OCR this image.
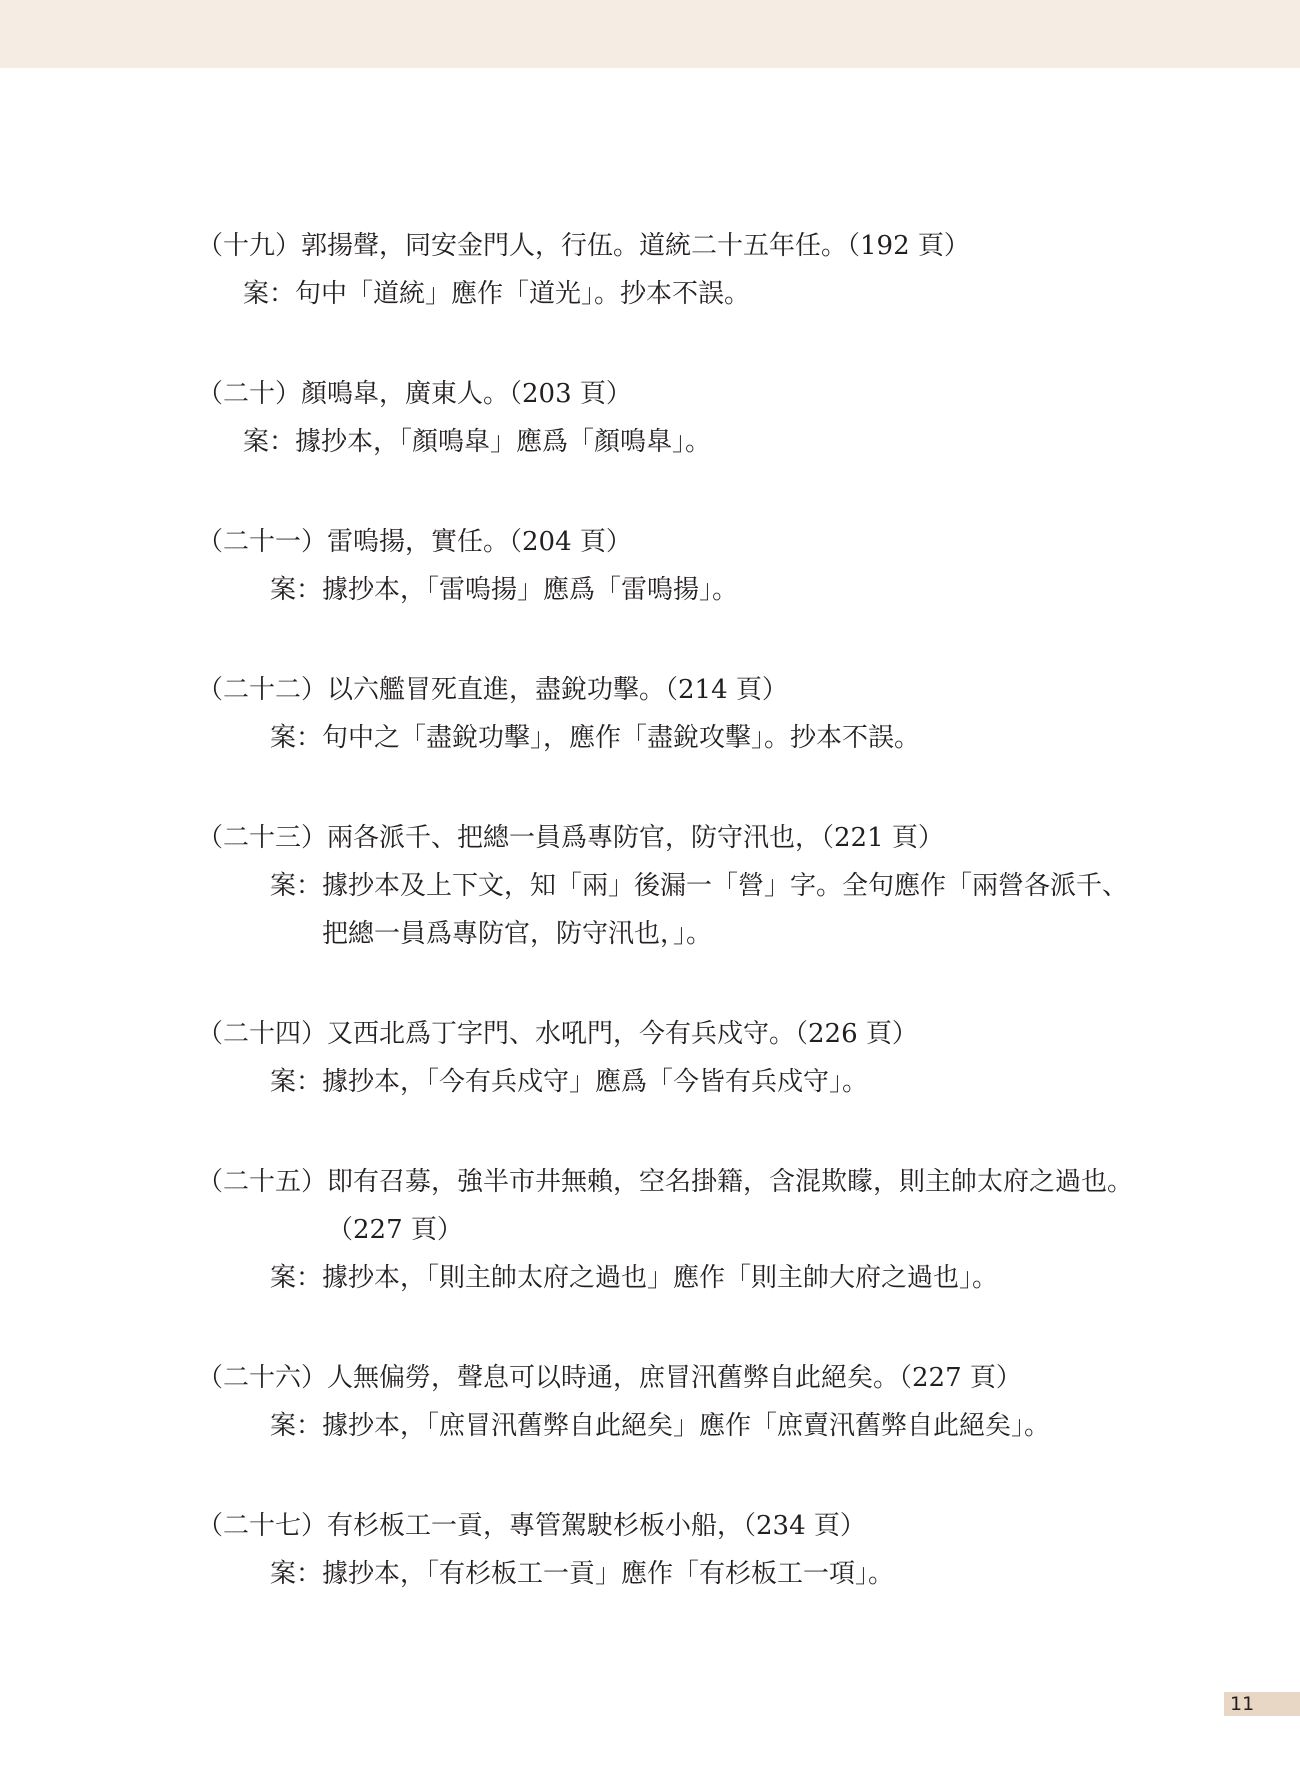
（十九） 郭揚聲，同安金門人，行伍。道統二十五年任。（192 頁）
案： 句中「道統」應作「道光」。抄本不誤。
（二十） 顏鳴皐，廣東人。（203 頁）
案： 據抄本，「顏鳴皐」應爲「顏鳴臯」。
（二十一） 雷嗚揚，實任。（204 頁）
案： 據抄本，「雷嗚揚」應爲「雷鳴揚」。
（二十二） 以六艦冒死直進，盡銳功擊。（214 頁）
案： 句中之「盡銳功擊」，應作「盡銳攻擊」。抄本不誤。
（二十三） 兩各派千、把總一員爲專防官，防守汛也，（221 頁）
案： 據抄本及上下文，知「兩」後漏一「營」字。全句應作「兩營各派千、把總一員爲專防官，防守汛也，」。
（二十四） 又西北爲丁字門、水吼門，今有兵戍守。（226 頁）
案： 據抄本，「今有兵戍守」應爲「今皆有兵戍守」。
（二十五） 即有召募，強半市井無賴，空名掛籍，含混欺矇，則主帥太府之過也。（227 頁）
案： 據抄本，「則主帥太府之過也」應作「則主帥大府之過也」。
（二十六） 人無偏勞，聲息可以時通，庶冒汛舊弊自此絕矣。（227 頁）
案： 據抄本，「庶冒汛舊弊自此絕矣」應作「庶賣汛舊弊自此絕矣」。
（二十七） 有杉板工一貢，專管駕駛杉板小船，（234 頁）
案： 據抄本，「有杉板工一貢」應作「有杉板工一項」。
11
